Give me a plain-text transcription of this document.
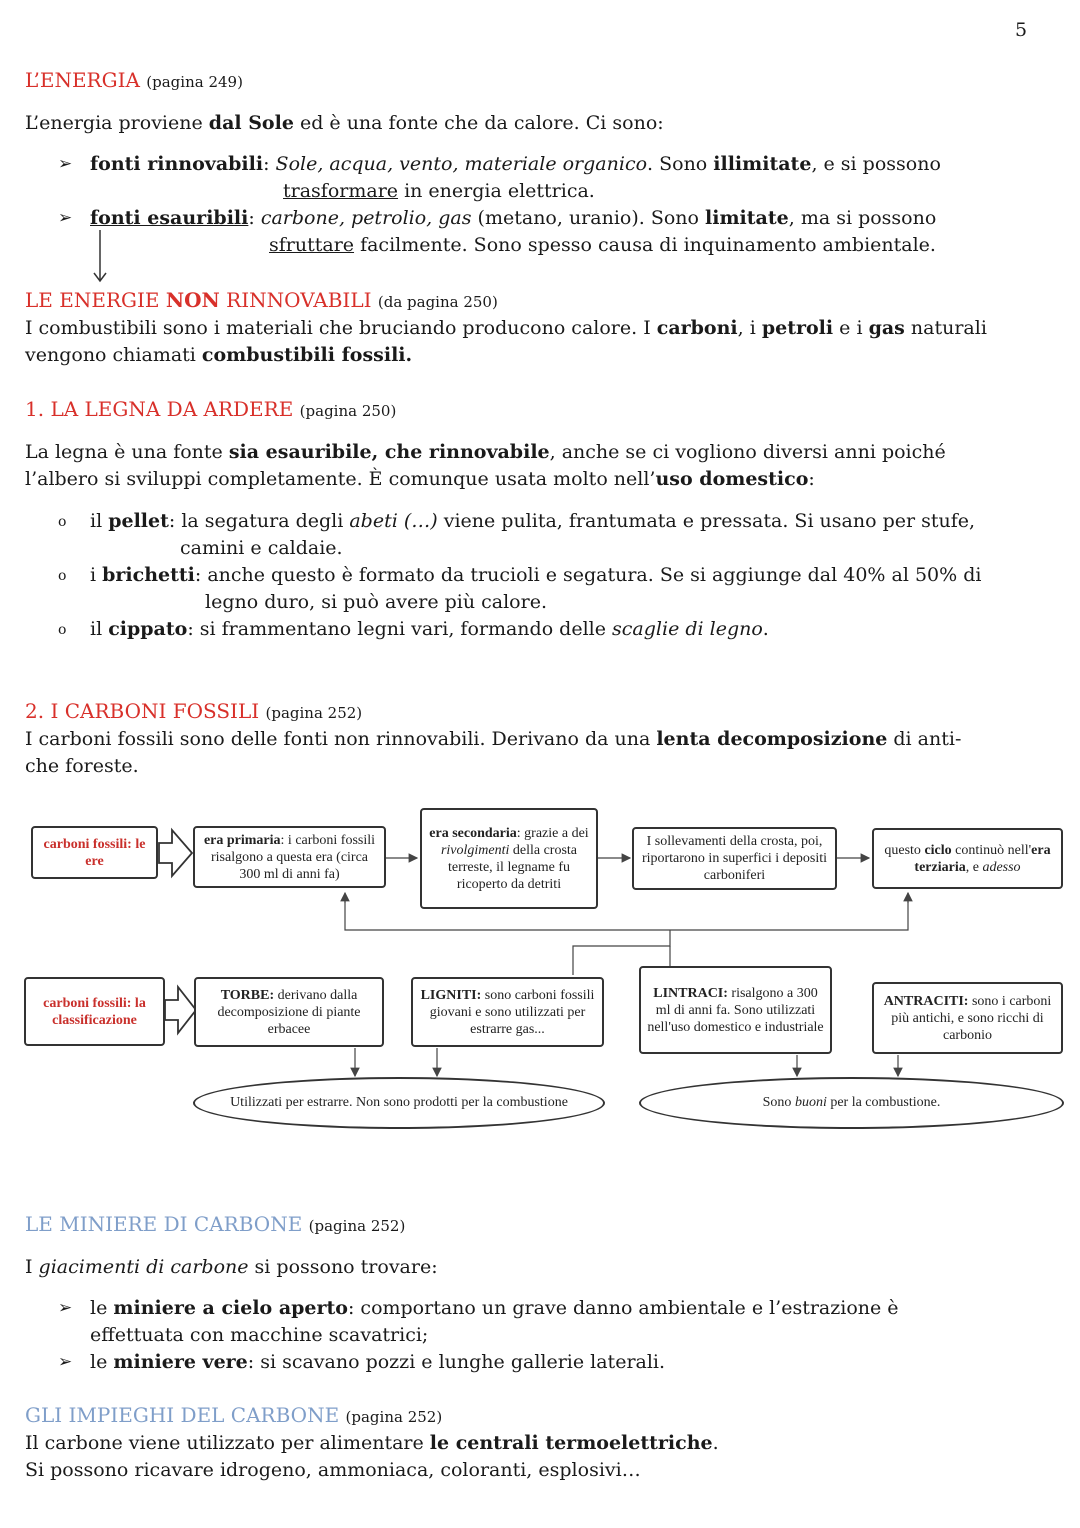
5
L’ENERGIA (pagina 249)
L’energia proviene dal Sole ed è una fonte che da calore. Ci sono:
➢ fonti rinnovabili: Sole, acqua, vento, materiale organico. Sono illimitate, e si possono
trasformare in energia elettrica.
➢ fonti esauribili: carbone, petrolio, gas (metano, uranio). Sono limitate, ma si possono
sfruttare facilmente. Sono spesso causa di inquinamento ambientale.
LE ENERGIE NON RINNOVABILI (da pagina 250)
I combustibili sono i materiali che bruciando producono calore. I carboni, i petroli e i gas naturali
vengono chiamati combustibili fossili.
1. LA LEGNA DA ARDERE (pagina 250)
La legna è una fonte sia esauribile, che rinnovabile, anche se ci vogliono diversi anni poiché
l’albero si sviluppi completamente. È comunque usata molto nell’uso domestico:
o il pellet: la segatura degli abeti (…) viene pulita, frantumata e pressata. Si usano per stufe,
camini e caldaie.
o i brichetti: anche questo è formato da trucioli e segatura. Se si aggiunge dal 40% al 50% di
legno duro, si può avere più calore.
o il cippato: si frammentano legni vari, formando delle scaglie di legno.
2. I CARBONI FOSSILI (pagina 252)
I carboni fossili sono delle fonti non rinnovabili. Derivano da una lenta decomposizione di anti-
che foreste.
carboni fossili: le ere
era primaria: i carboni fossili risalgono a questa era (circa 300 ml di anni fa)
era secondaria: grazie a dei rivolgimenti della crosta terreste, il legname fu ricoperto da detriti
I sollevamenti della crosta, poi, riportarono in superfici i depositi carboniferi
questo ciclo continuò nell'era terziaria, e adesso
carboni fossili: la classificazione
TORBE: derivano dalla decomposizione di piante erbacee
LIGNITI: sono carboni fossili giovani e sono utilizzati per estrarre gas...
LINTRACI: risalgono a 300 ml di anni fa. Sono utilizzati nell'uso domestico e industriale
ANTRACITI: sono i carboni più antichi, e sono ricchi di carbonio
Utilizzati per estrarre. Non sono prodotti per la combustione	Sono buoni per la combustione.
LE MINIERE DI CARBONE (pagina 252)
I giacimenti di carbone si possono trovare:
➢ le miniere a cielo aperto: comportano un grave danno ambientale e l’estrazione è
effettuata con macchine scavatrici;
➢ le miniere vere: si scavano pozzi e lunghe gallerie laterali.
GLI IMPIEGHI DEL CARBONE (pagina 252)
Il carbone viene utilizzato per alimentare le centrali termoelettriche.
Si possono ricavare idrogeno, ammoniaca, coloranti, esplosivi…
